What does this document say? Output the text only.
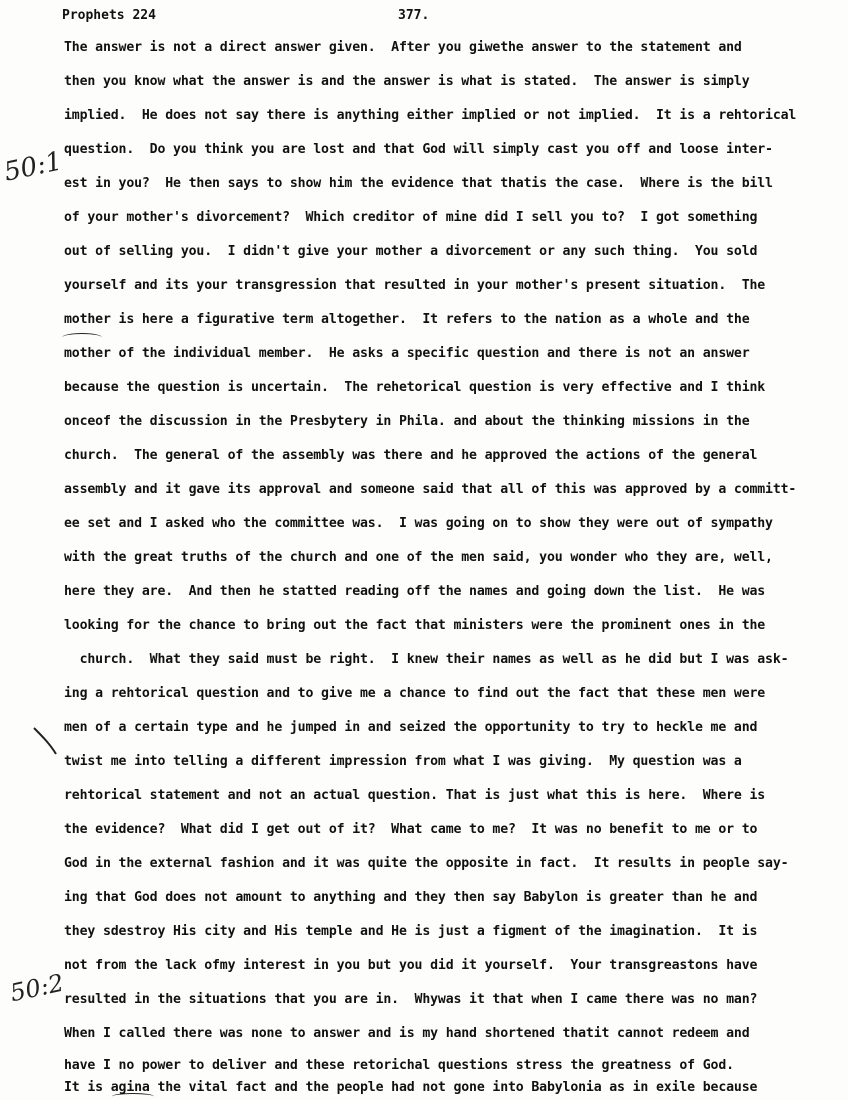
Prophets 224	377.
50:1
50:2
The answer is not a direct answer given.  After you giwethe answer to the statement and
then you know what the answer is and the answer is what is stated.  The answer is simply
implied.  He does not say there is anything either implied or not implied.  It is a rehtorical
question.  Do you think you are lost and that God will simply cast you off and loose inter-
est in you?  He then says to show him the evidence that thatis the case.  Where is the bill
of your mother's divorcement?  Which creditor of mine did I sell you to?  I got something
out of selling you.  I didn't give your mother a divorcement or any such thing.  You sold
yourself and its your transgression that resulted in your mother's present situation.  The
mother is here a figurative term altogether.  It refers to the nation as a whole and the
mother of the individual member.  He asks a specific question and there is not an answer
because the question is uncertain.  The rehetorical question is very effective and I think
onceof the discussion in the Presbytery in Phila. and about the thinking missions in the
church.  The general of the assembly was there and he approved the actions of the general
assembly and it gave its approval and someone said that all of this was approved by a committ-
ee set and I asked who the committee was.  I was going on to show they were out of sympathy
with the great truths of the church and one of the men said, you wonder who they are, well,
here they are.  And then he statted reading off the names and going down the list.  He was
looking for the chance to bring out the fact that ministers were the prominent ones in the
church.  What they said must be right.  I knew their names as well as he did but I was ask-
ing a rehtorical question and to give me a chance to find out the fact that these men were
men of a certain type and he jumped in and seized the opportunity to try to heckle me and
twist me into telling a different impression from what I was giving.  My question was a
rehtorical statement and not an actual question. That is just what this is here.  Where is
the evidence?  What did I get out of it?  What came to me?  It was no benefit to me or to
God in the external fashion and it was quite the opposite in fact.  It results in people say-
ing that God does not amount to anything and they then say Babylon is greater than he and
they sdestroy His city and His temple and He is just a figment of the imagination.  It is
not from the lack ofmy interest in you but you did it yourself.  Your transgreastons have
resulted in the situations that you are in.  Whywas it that when I came there was no man?
When I called there was none to answer and is my hand shortened thatit cannot redeem and
have I no power to deliver and these retorichal questions stress the greatness of God.
It is agina the vital fact and the people had not gone into Babylonia as in exile because
